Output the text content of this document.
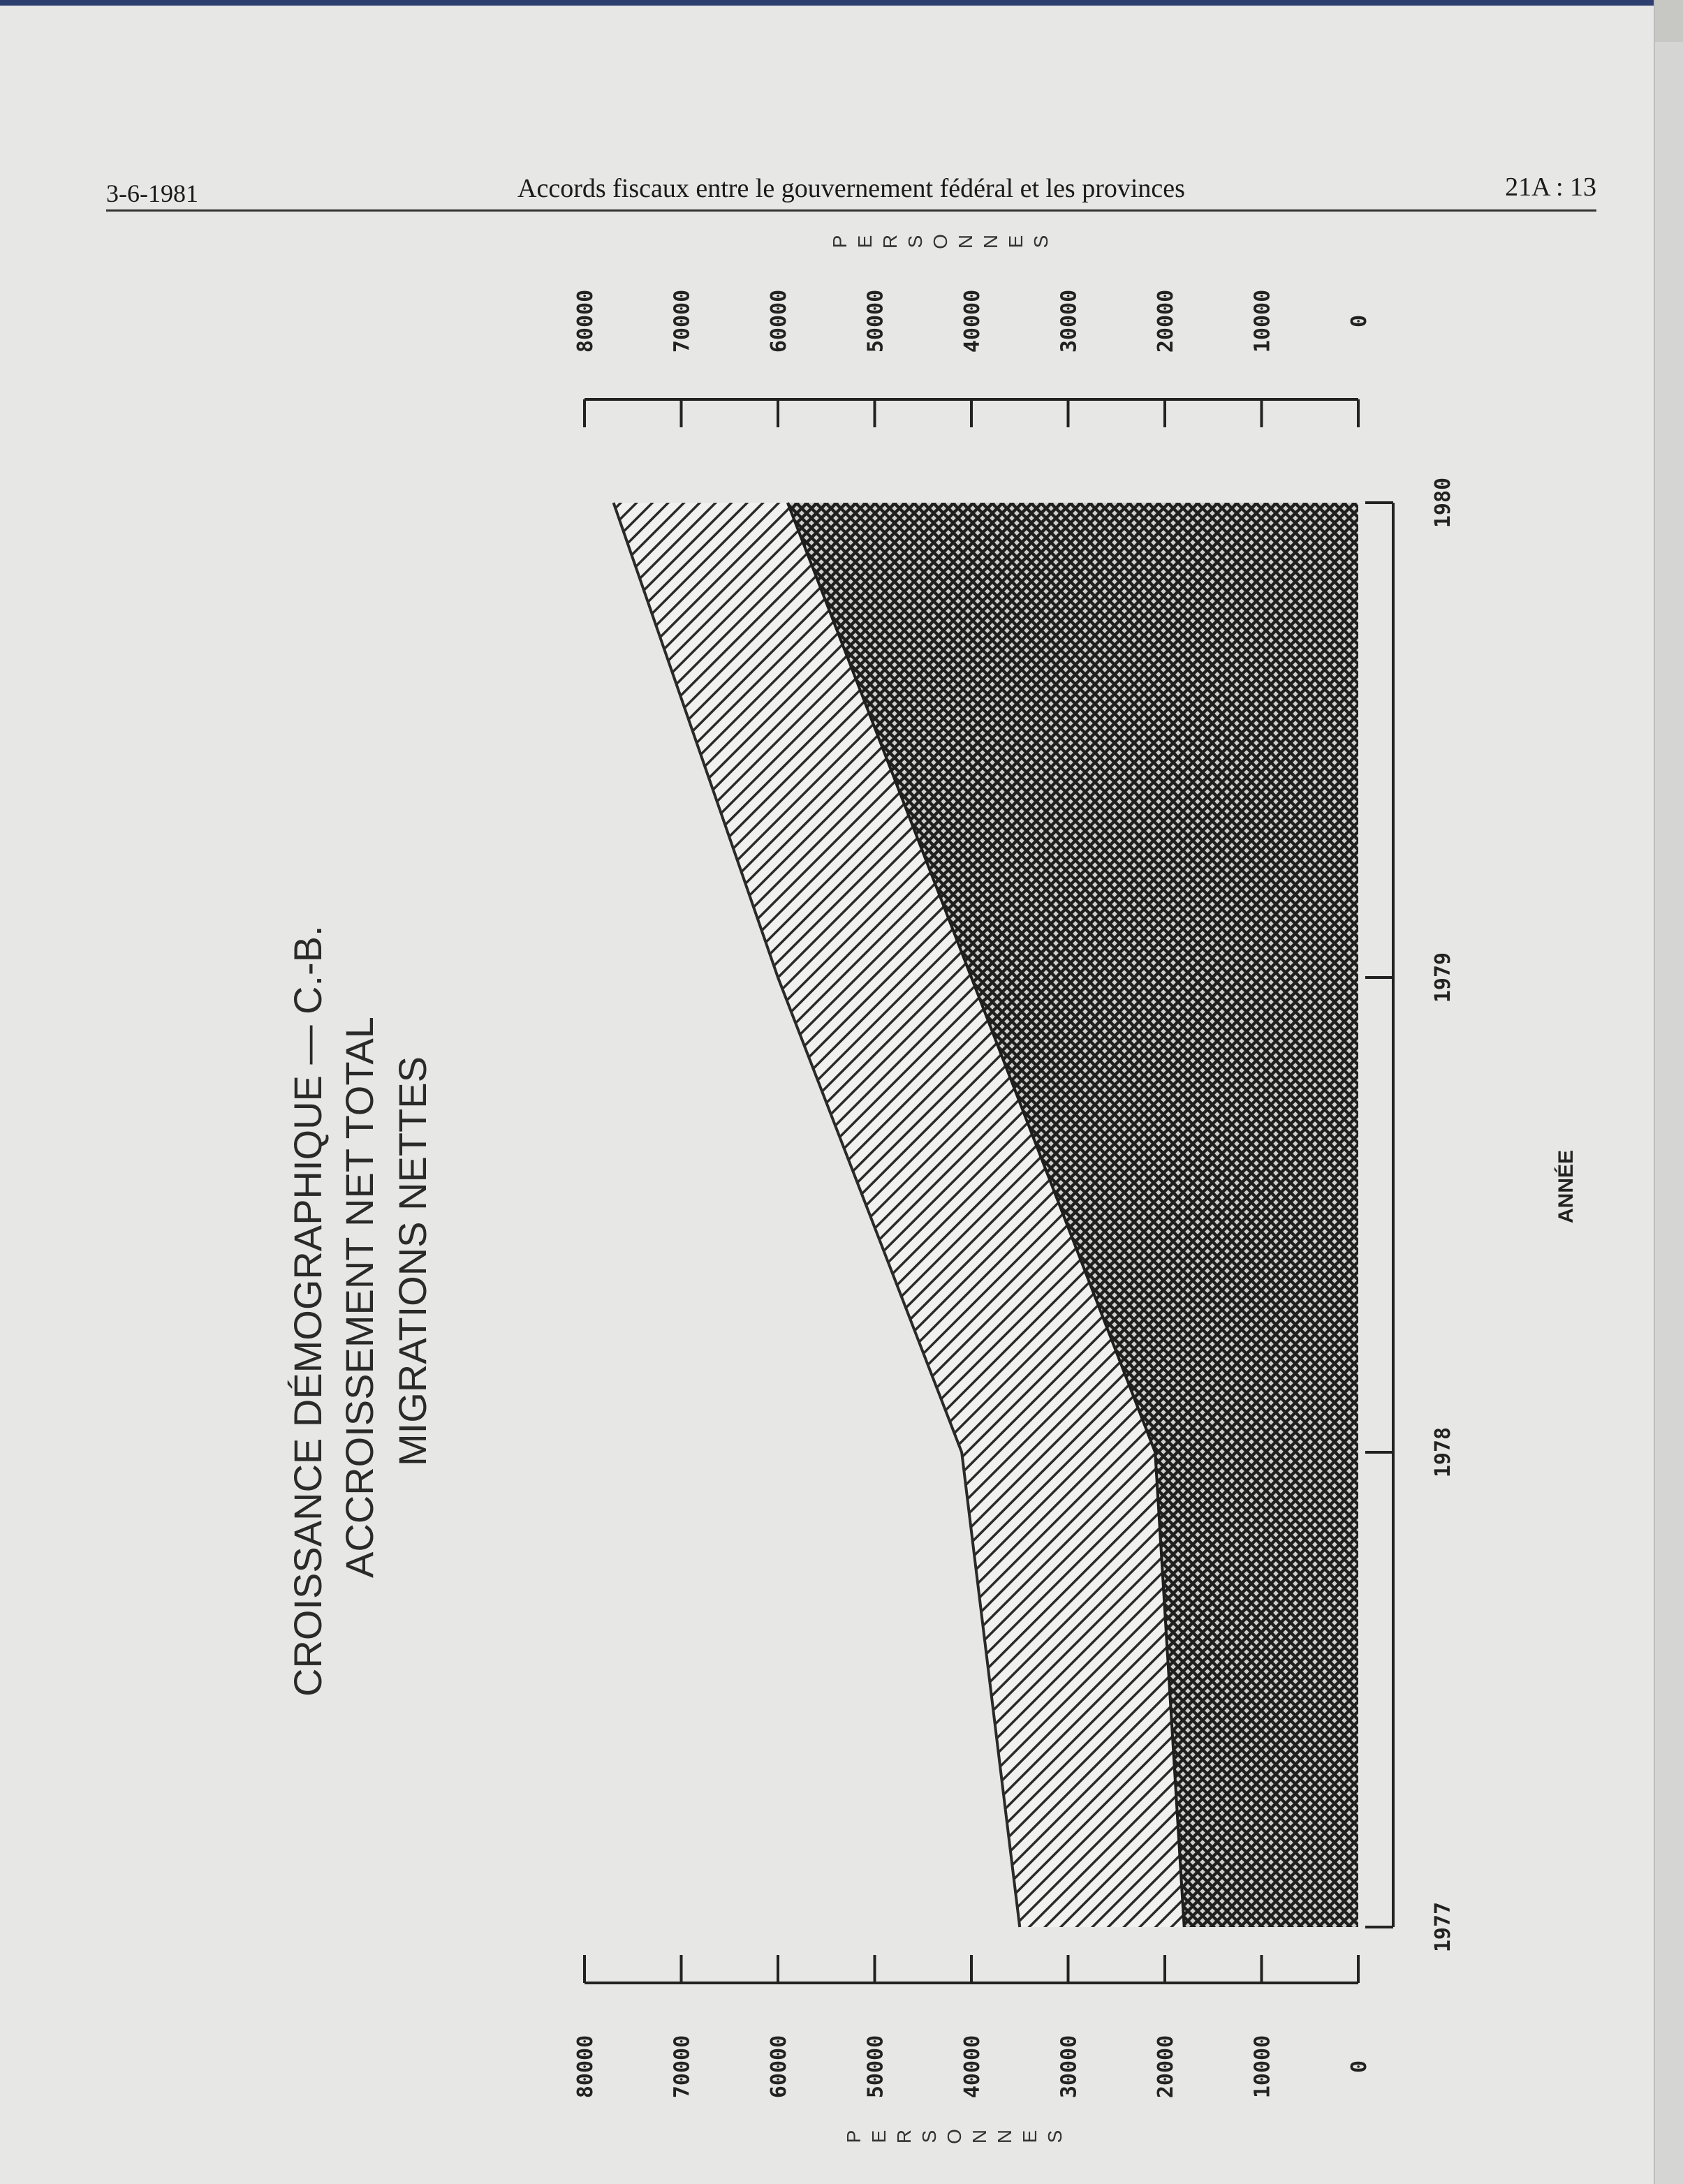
3-6-1981	Accords fiscaux entre le gouvernement fédéral et les provinces	21A : 13
CROISSANCE DÉMOGRAPHIQUE — C.-B. ACCROISSEMENT NET TOTAL MIGRATIONS NETTES
0
0
10000
10000
20000
20000
30000
30000
40000
40000
50000
50000
60000
60000
70000
70000
80000
80000
1977
1978
1979
1980
P E R S O N N E S
P E R S O N N E S
ANNÉE
